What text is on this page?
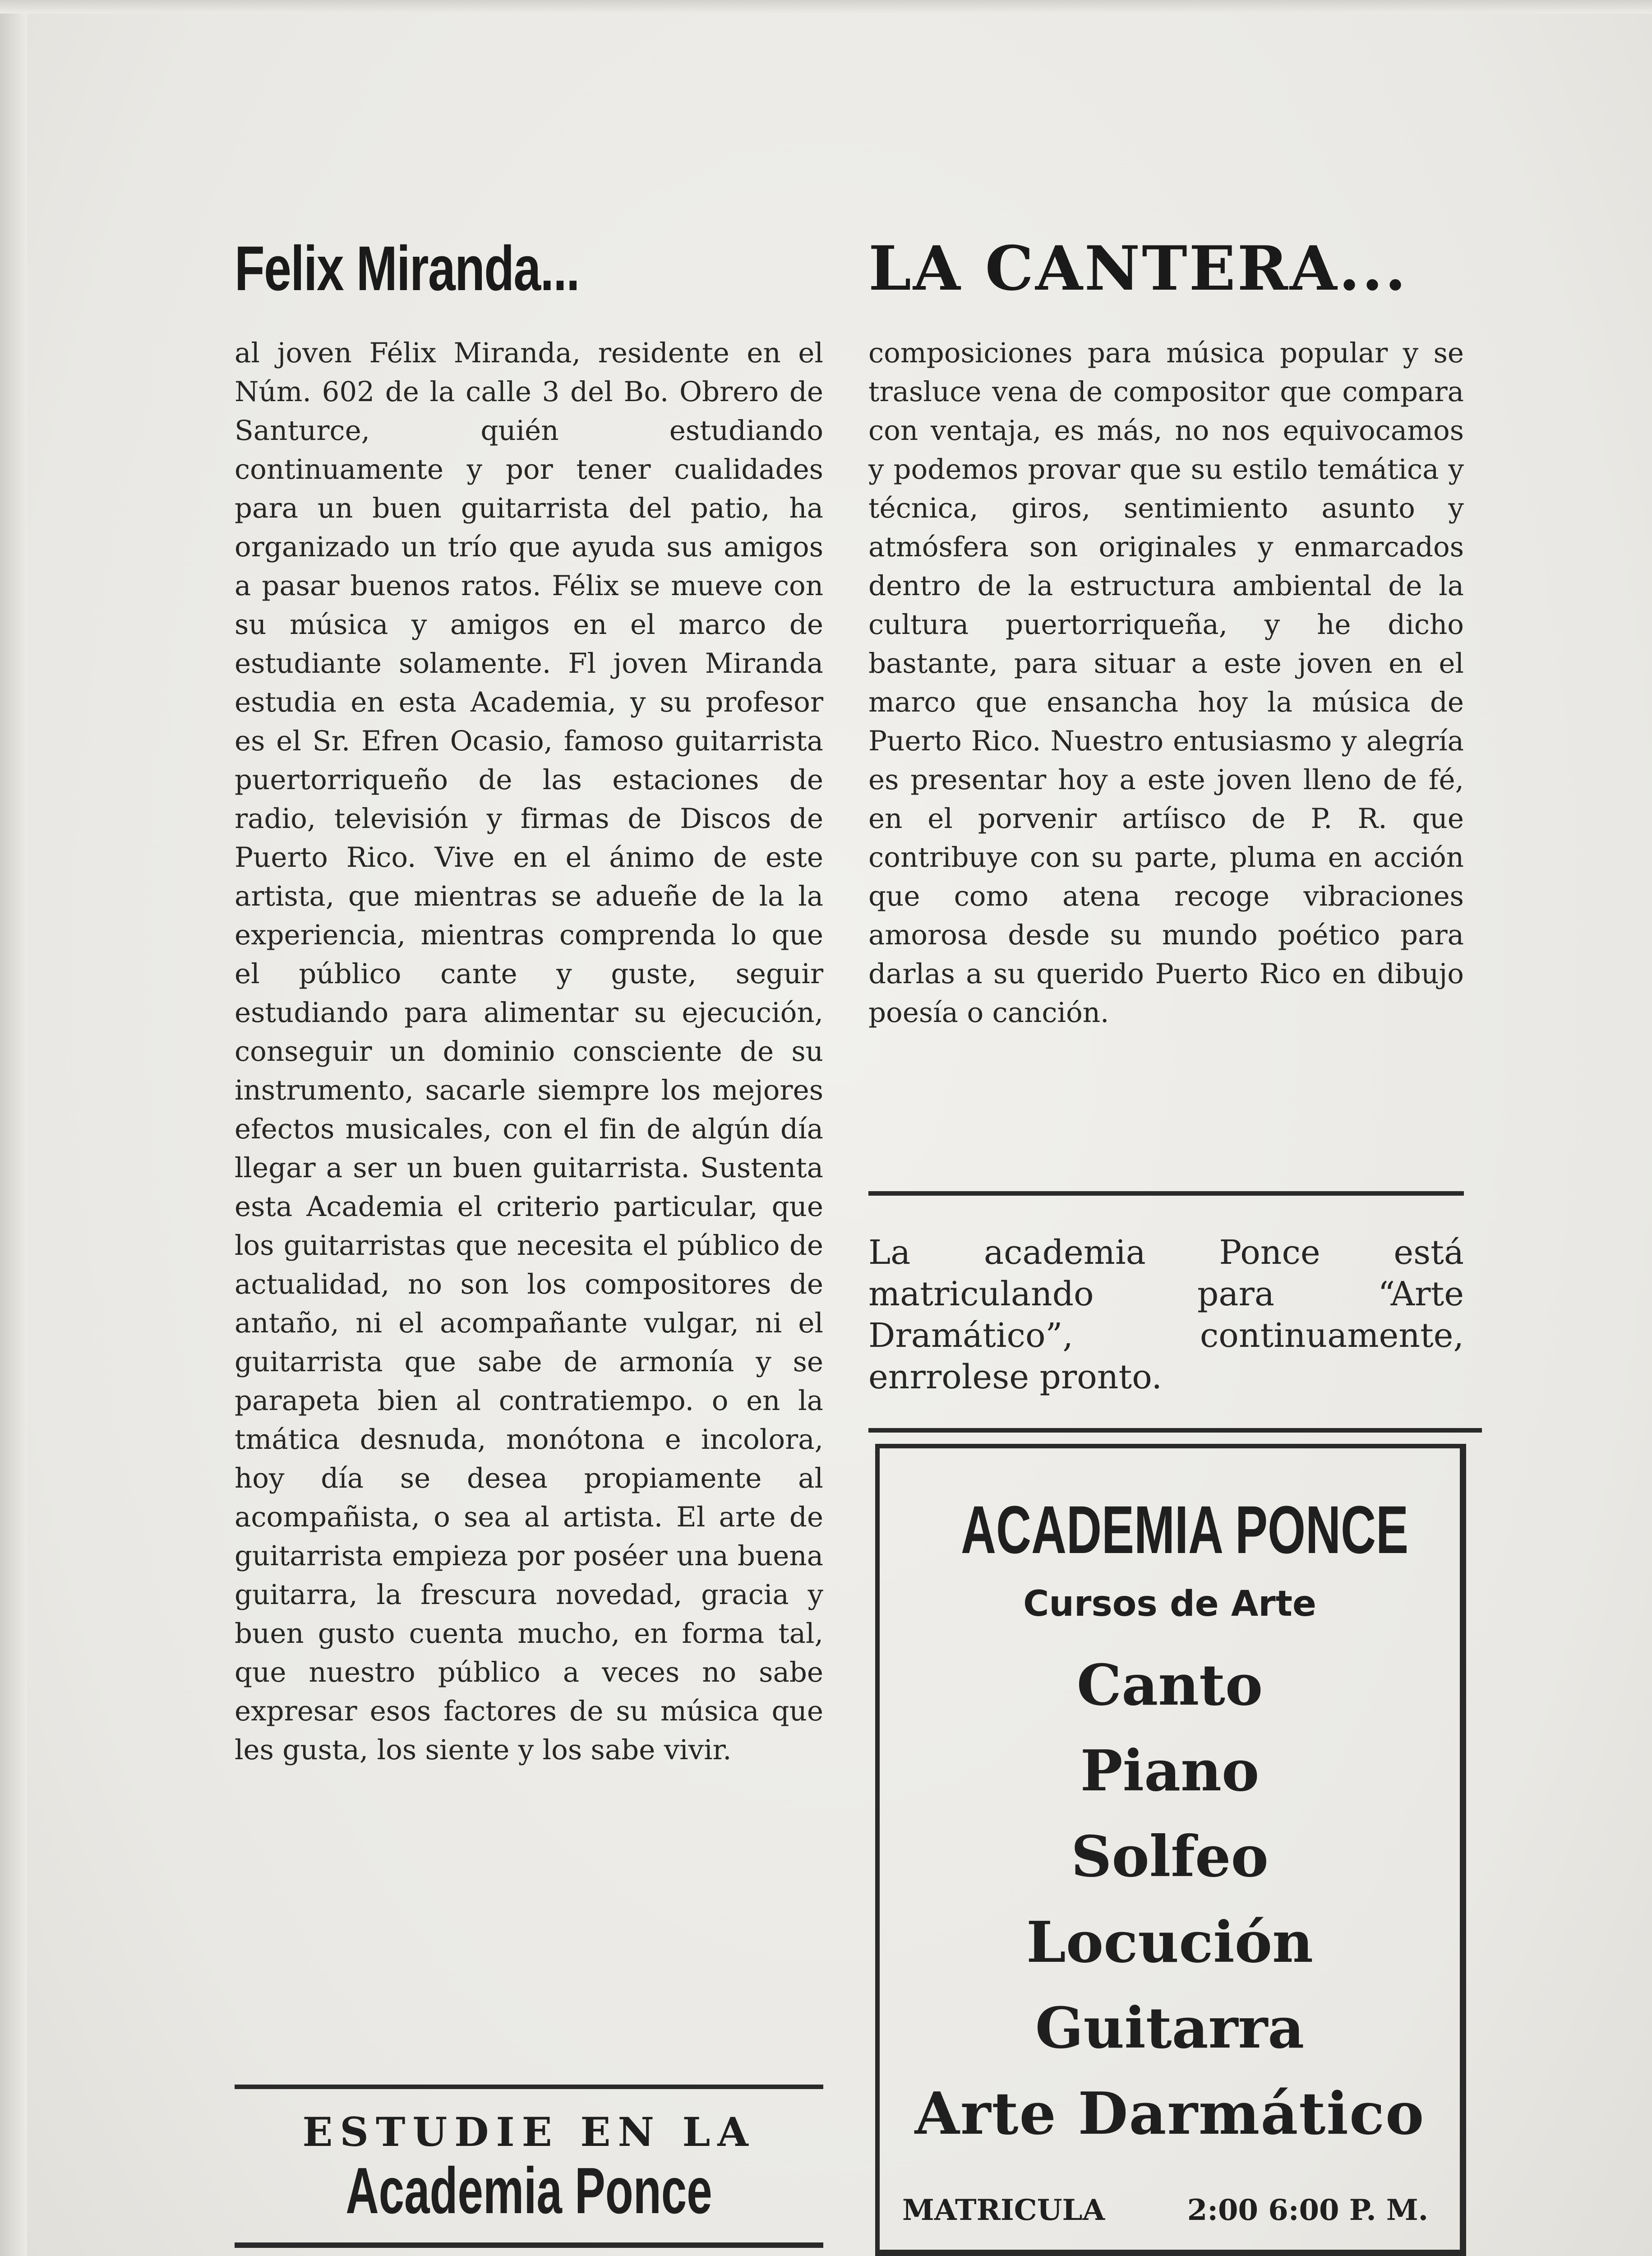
Felix Miranda...
al joven Félix Miranda, residente en el Núm. 602 de la calle 3 del Bo. Obrero de Santurce, quién estudiando continuamente y por tener cualidades para un buen guitarrista del patio, ha organizado un trío que ayuda sus amigos a pasar buenos ratos. Félix se mueve con su música y amigos en el marco de estudiante solamente. Fl joven Miranda estudia en esta Academia, y su profesor es el Sr. Efren Ocasio, famoso guitarrista puertorriqueño de las estaciones de radio, televisión y firmas de Discos de Puerto Rico. Vive en el ánimo de este artista, que mientras se adueñe de la la experiencia, mientras comprenda lo que el público cante y guste, seguir estudiando para alimentar su ejecución, conseguir un dominio consciente de su instrumento, sacarle siempre los mejores efectos musicales, con el fin de algún día llegar a ser un buen guitarrista. Sustenta esta Academia el criterio particular, que los guitarristas que necesita el público de actualidad, no son los compositores de antaño, ni el acompañante vulgar, ni el guitarrista que sabe de armonía y se parapeta bien al contratiempo. o en la tmática desnuda, monótona e incolora, hoy día se desea propiamente al acompañista, o sea al artista. El arte de guitarrista empieza por poséer una buena guitarra, la frescura novedad, gracia y buen gusto cuenta mucho, en forma tal, que nuestro público a veces no sabe expresar esos factores de su música que les gusta, los siente y los sabe vivir.
LA CANTERA...
composiciones para música popular y se trasluce vena de compositor que compara con ventaja, es más, no nos equivocamos y podemos provar que su estilo temática y técnica, giros, sentimiento asunto y atmósfera son originales y enmarcados dentro de la estructura ambiental de la cultura puertorriqueña, y he dicho bastante, para situar a este joven en el marco que ensancha hoy la música de Puerto Rico. Nuestro entusiasmo y alegría es presentar hoy a este joven lleno de fé, en el porvenir artíisco de P. R. que contribuye con su parte, pluma en acción que como atena recoge vibraciones amorosa desde su mundo poético para darlas a su querido Puerto Rico en dibujo poesía o canción.
La academia Ponce está matriculando para “Arte Dramático”, continuamente, enrrolese pronto.
ESTUDIE EN LA
Academia Ponce
ACADEMIA PONCE
Cursos de Arte
Canto
Piano
Solfeo
Locución
Guitarra
Arte Darmático
MATRICULA	2:00 6:00 P. M.
